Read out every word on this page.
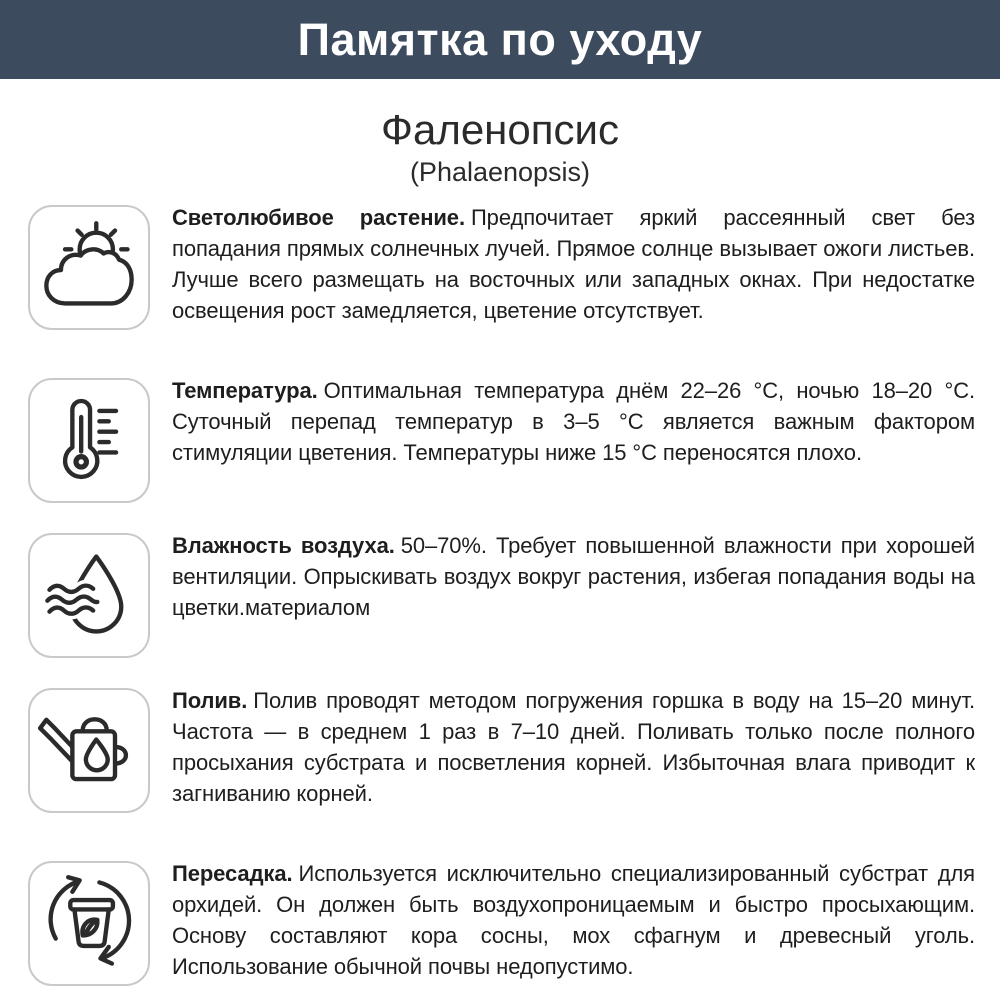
Памятка по уходу
Фаленопсис
(Phalaenopsis)

Светолюбивое растение. Предпочитает яркий рассеянный свет без попадания прямых солнечных лучей. Прямое солнце вызывает ожоги листьев. Лучше всего размещать на восточных или западных окнах. При недостатке освещения рост замедляется, цветение отсутствует.

Температура. Оптимальная температура днём 22–26 °C, ночью 18–20 °C. Суточный перепад температур в 3–5 °C является важным фактором стимуляции цветения. Температуры ниже 15 °C переносятся плохо.

Влажность воздуха. 50–70%. Требует повышенной влажности при хорошей вентиляции. Опрыскивать воздух вокруг растения, избегая попадания воды на цветки.материалом

Полив. Полив проводят методом погружения горшка в воду на 15–20 минут. Частота — в среднем 1 раз в 7–10 дней. Поливать только после полного просыхания субстрата и посветления корней. Избыточная влага приводит к загниванию корней.

Пересадка. Используется исключительно специализированный субстрат для орхидей. Он должен быть воздухопроницаемым и быстро просыхающим. Основу составляют кора сосны, мох сфагнум и древесный уголь. Использование обычной почвы недопустимо.
